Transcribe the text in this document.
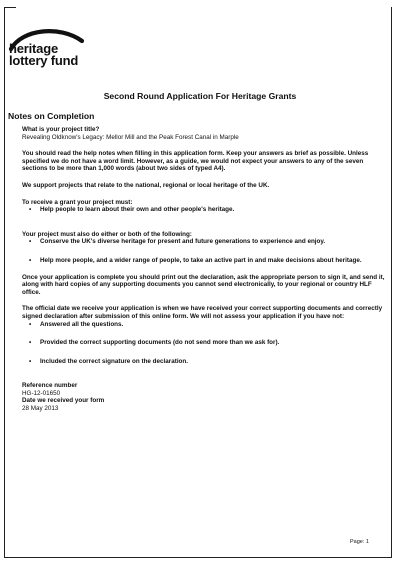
heritage
lottery fund
Second Round Application For Heritage Grants
Notes on Completion

What is your project title?

Revealing Oldknow's Legacy: Mellor Mill and the Peak Forest Canal in Marple

You should read the help notes when filling in this application form. Keep your answers as brief as possible. Unless specified we do not have a word limit. However, as a guide, we would not expect your answers to any of the seven sections to be more than 1,000 words (about two sides of typed A4).

We support projects that relate to the national, regional or local heritage of the UK.

To receive a grant your project must:

• Help people to learn about their own and other people's heritage.

Your project must also do either or both of the following:

• Conserve the UK's diverse heritage for present and future generations to experience and enjoy.
• Help more people, and a wider range of people, to take an active part in and make decisions about heritage.

Once your application is complete you should print out the declaration, ask the appropriate person to sign it, and send it, along with hard copies of any supporting documents you cannot send electronically, to your regional or country HLF office.

The official date we receive your application is when we have received your correct supporting documents and correctly signed declaration after submission of this online form. We will not assess your application if you have not:

• Answered all the questions.
• Provided the correct supporting documents (do not send more than we ask for).
• Included the correct signature on the declaration.

Reference number

HG-12-01650

Date we received your form

28 May 2013

Page: 1
